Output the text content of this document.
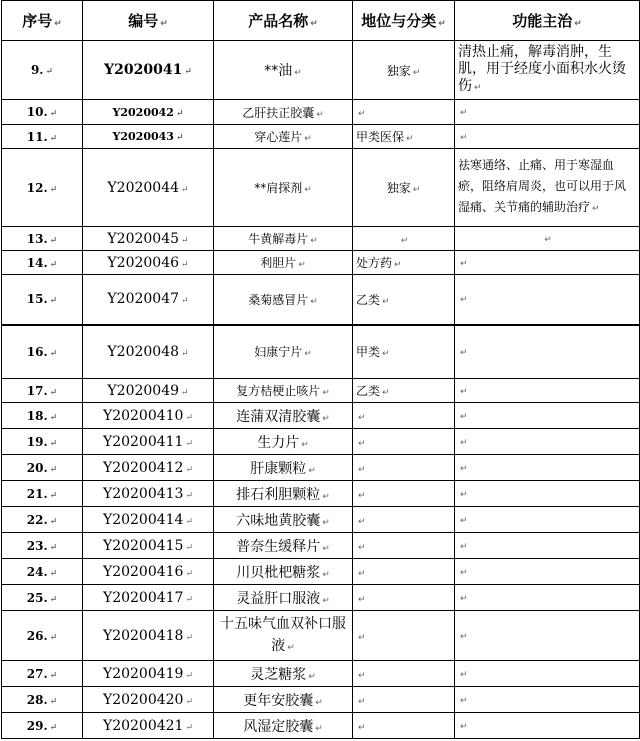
序号 ↵	编号 ↵	产品名称 ↵	地位与分类 ↵	功能主治 ↵
9. ↵	Y2020041 ↵	**油 ↵	独家 ↵	清热止痛，解毒消肿，生肌，用于经度小面积水火烫伤 ↵
10. ↵	Y2020042 ↵	乙肝扶正胶囊 ↵	↵	↵
11. ↵	Y2020043 ↵	穿心莲片 ↵	甲类医保 ↵	↵
12. ↵	Y2020044 ↵	**肩探剂 ↵	独家 ↵	祛寒通络、止痛、用于寒湿血瘀，阻络肩周炎，也可以用于风湿痛、关节痛的辅助治疗 ↵
13. ↵	Y2020045 ↵	牛黄解毒片 ↵	↵	↵
14. ↵	Y2020046 ↵	利胆片 ↵	处方药 ↵	↵
15. ↵	Y2020047 ↵	桑菊感冒片 ↵	乙类 ↵	↵
16. ↵	Y2020048 ↵	妇康宁片 ↵	甲类 ↵	↵
17. ↵	Y2020049 ↵	复方桔梗止咳片 ↵	乙类 ↵	↵
18. ↵	Y20200410 ↵	连蒲双清胶囊 ↵	↵	↵
19. ↵	Y20200411 ↵	生力片 ↵	↵	↵
20. ↵	Y20200412 ↵	肝康颗粒 ↵	↵	↵
21. ↵	Y20200413 ↵	排石利胆颗粒 ↵	↵	↵
22. ↵	Y20200414 ↵	六味地黄胶囊 ↵	↵	↵
23. ↵	Y20200415 ↵	普奈生缓释片 ↵	↵	↵
24. ↵	Y20200416 ↵	川贝枇杷糖浆 ↵	↵	↵
25. ↵	Y20200417 ↵	灵益肝口服液 ↵	↵	↵
26. ↵	Y20200418 ↵	十五味气血双补口服液 ↵	↵	↵
27. ↵	Y20200419 ↵	灵芝糖浆 ↵	↵	↵
28. ↵	Y20200420 ↵	更年安胶囊 ↵	↵	↵
29. ↵	Y20200421 ↵	风湿定胶囊 ↵	↵	↵
